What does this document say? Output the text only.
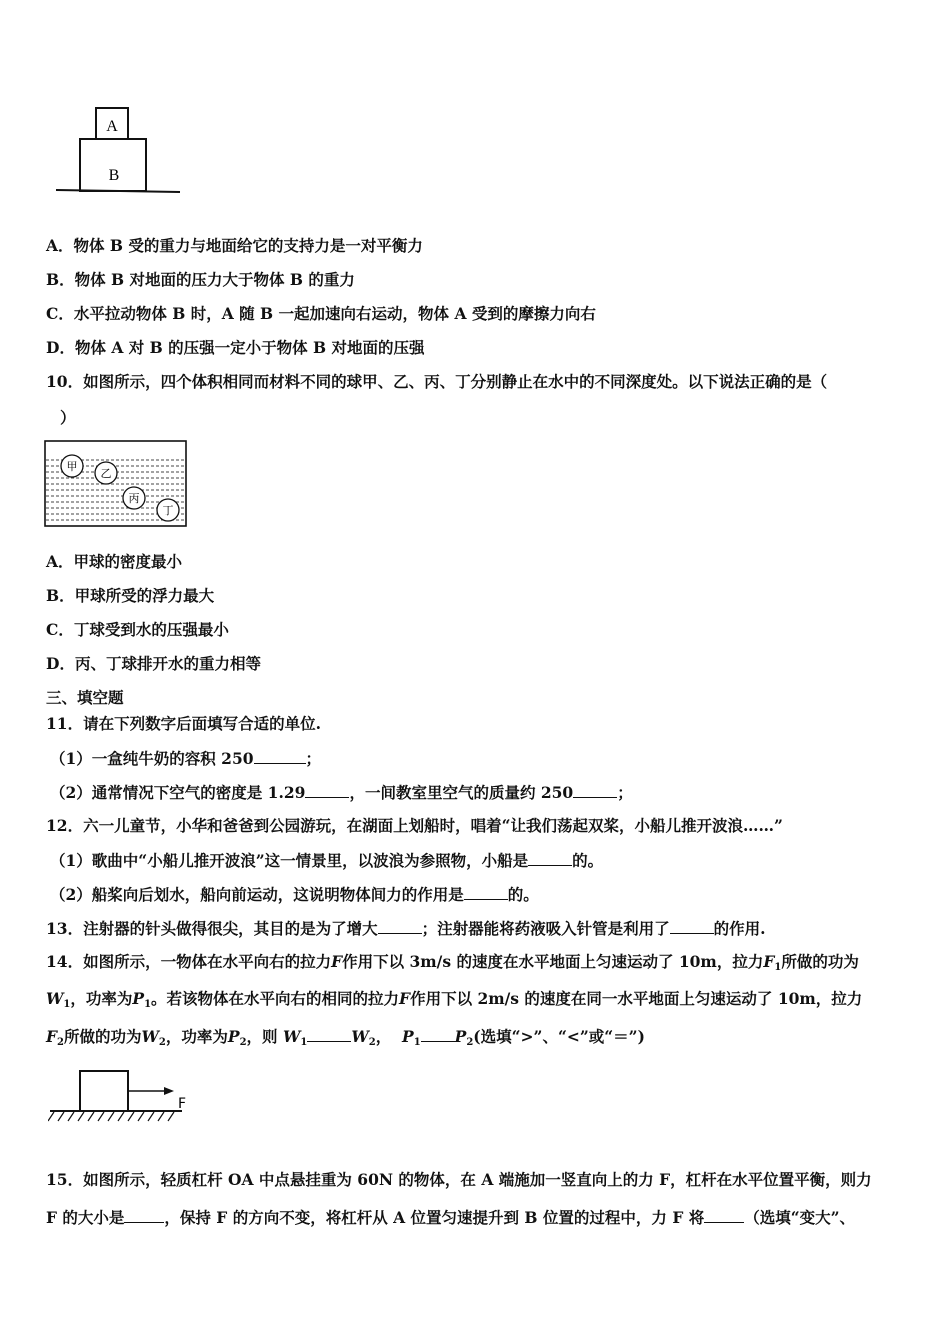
A
B
A．物体 B 受的重力与地面给它的支持力是一对平衡力
B．物体 B 对地面的压力大于物体 B 的重力
C．水平拉动物体 B 时，A 随 B 一起加速向右运动，物体 A 受到的摩擦力向右
D．物体 A 对 B 的压强一定小于物体 B 对地面的压强
10．如图所示，四个体积相同而材料不同的球甲、乙、丙、丁分别静止在水中的不同深度处。以下说法正确的是（
）
甲
乙
丙
丁
A．甲球的密度最小
B．甲球所受的浮力最大
C．丁球受到水的压强最小
D．丙、丁球排开水的重力相等
三、填空题
11．请在下列数字后面填写合适的单位.
（1）一盒纯牛奶的容积 250	；
（2）通常情况下空气的密度是 1.29	，一间教室里空气的质量约 250	；
12．六一儿童节，小华和爸爸到公园游玩，在湖面上划船时，唱着“让我们荡起双桨，小船儿推开波浪……”
（1）歌曲中“小船儿推开波浪”这一情景里，以波浪为参照物，小船是	的。
（2）船桨向后划水，船向前运动，这说明物体间力的作用是	的。
13．注射器的针头做得很尖，其目的是为了增大	；注射器能将药液吸入针管是利用了	的作用.
14．如图所示，一物体在水平向右的拉力F作用下以 3m/s 的速度在水平地面上匀速运动了 10m，拉力$F_1$所做的功为
$W_1$，功率为$P_1$。若该物体在水平向右的相同的拉力F作用下以 2m/s 的速度在同一水平地面上匀速运动了 10m，拉力
$F_2$所做的功为$W_2$，功率为$P_2$，则 $W_1$	$W_2$， $P_1$ $P_2$(选填“>”、“<”或“＝”)
F
15．如图所示，轻质杠杆 OA 中点悬挂重为 60N 的物体，在 A 端施加一竖直向上的力 F，杠杆在水平位置平衡，则力
F 的大小是	，保持 F 的方向不变，将杠杆从 A 位置匀速提升到 B 位置的过程中，力 F 将	（选填“变大”、
